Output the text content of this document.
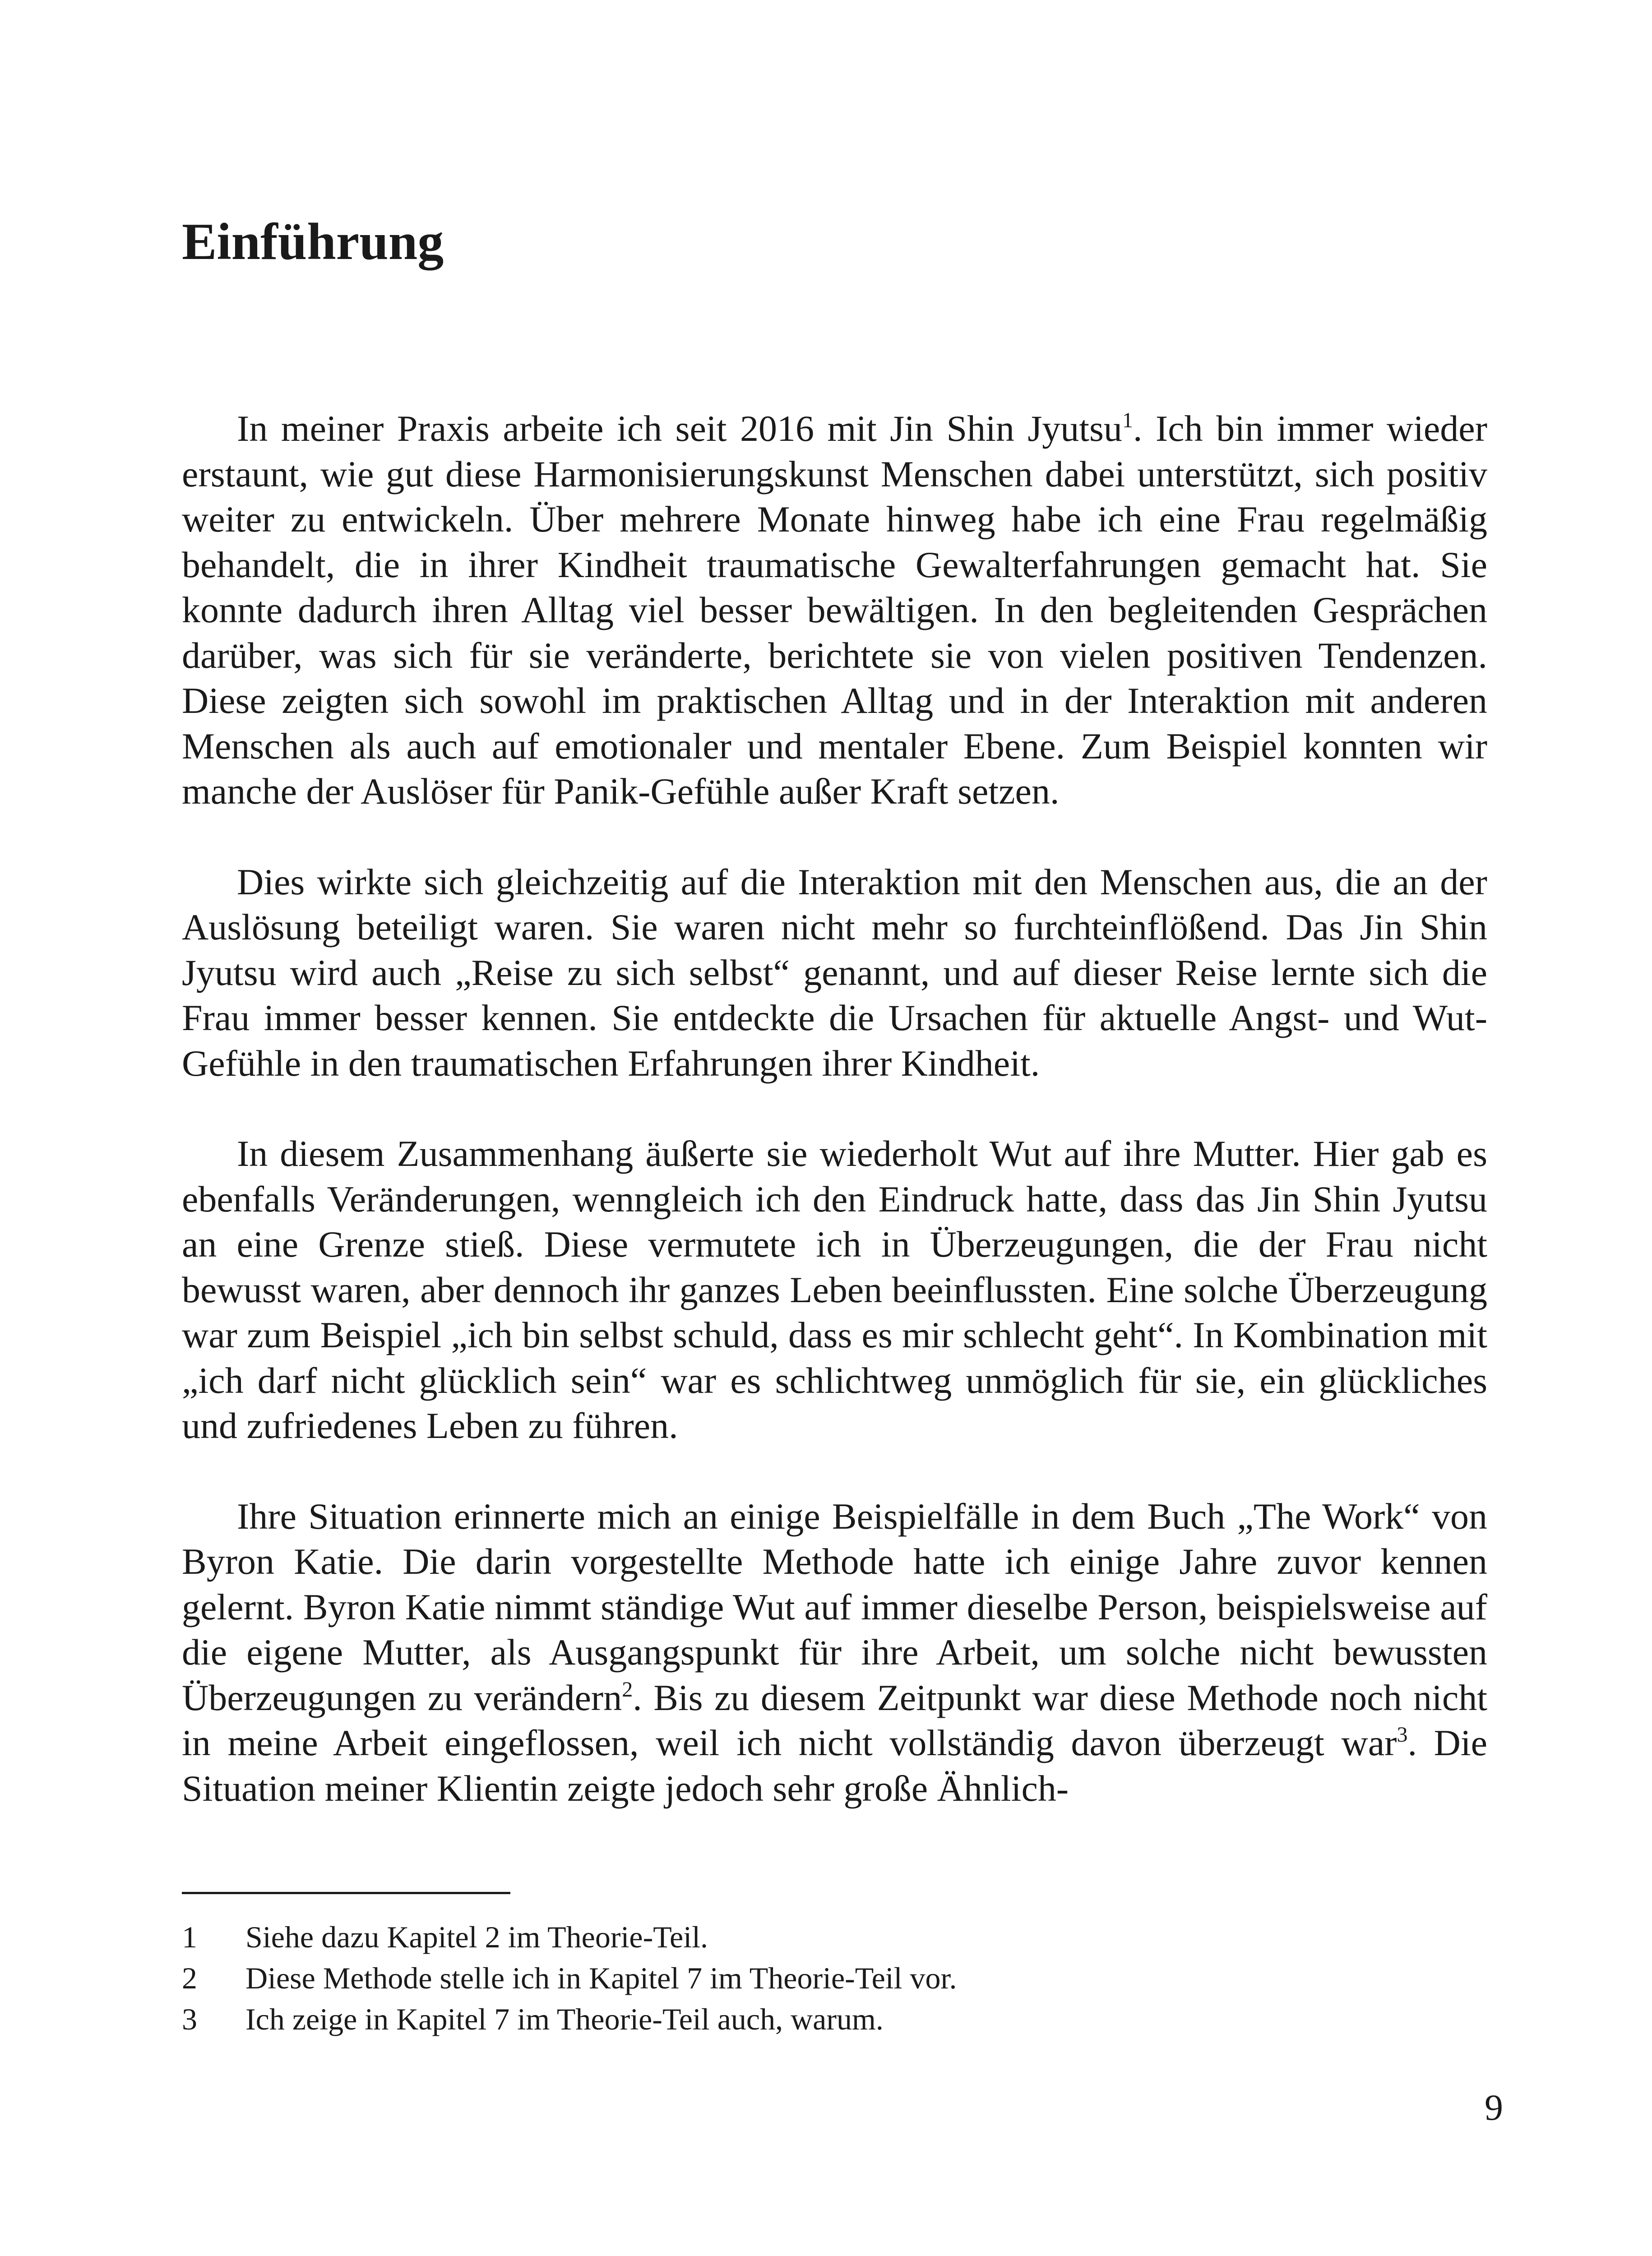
Einführung

In meiner Praxis arbeite ich seit 2016 mit Jin Shin Jyutsu$^1$. Ich bin immer wieder erstaunt, wie gut diese Harmonisierungskunst Menschen dabei unterstützt, sich positiv weiter zu entwickeln. Über mehrere Monate hinweg habe ich eine Frau regelmäßig behandelt, die in ihrer Kindheit traumatische Gewalterfahrungen gemacht hat. Sie konnte dadurch ihren Alltag viel besser bewältigen. In den begleitenden Gesprächen darüber, was sich für sie veränderte, berichtete sie von vielen positiven Tendenzen. Diese zeigten sich sowohl im praktischen Alltag und in der Interaktion mit anderen Menschen als auch auf emotionaler und mentaler Ebene. Zum Beispiel konnten wir manche der Auslöser für Panik-Gefühle außer Kraft setzen.

Dies wirkte sich gleichzeitig auf die Interaktion mit den Menschen aus, die an der Auslösung beteiligt waren. Sie waren nicht mehr so furchteinflößend. Das Jin Shin Jyutsu wird auch „Reise zu sich selbst“ genannt, und auf dieser Reise lernte sich die Frau immer besser kennen. Sie entdeckte die Ursachen für aktuelle Angst- und Wut-Gefühle in den traumatischen Erfahrungen ihrer Kindheit.

In diesem Zusammenhang äußerte sie wiederholt Wut auf ihre Mutter. Hier gab es ebenfalls Veränderungen, wenngleich ich den Eindruck hatte, dass das Jin Shin Jyutsu an eine Grenze stieß. Diese vermutete ich in Überzeugungen, die der Frau nicht bewusst waren, aber dennoch ihr ganzes Leben beeinflussten. Eine solche Überzeugung war zum Beispiel „ich bin selbst schuld, dass es mir schlecht geht“. In Kombination mit „ich darf nicht glücklich sein“ war es schlichtweg unmöglich für sie, ein glückliches und zufriedenes Leben zu führen.

Ihre Situation erinnerte mich an einige Beispielfälle in dem Buch „The Work“ von Byron Katie. Die darin vorgestellte Methode hatte ich einige Jahre zuvor kennen gelernt. Byron Katie nimmt ständige Wut auf immer dieselbe Person, beispielsweise auf die eigene Mutter, als Ausgangspunkt für ihre Arbeit, um solche nicht bewussten Überzeugungen zu verändern$^2$. Bis zu diesem Zeitpunkt war diese Methode noch nicht in meine Arbeit eingeflossen, weil ich nicht vollständig davon überzeugt war$^3$. Die Situation meiner Klientin zeigte jedoch sehr große Ähnlich-

1	Siehe dazu Kapitel 2 im Theorie-Teil.
2	Diese Methode stelle ich in Kapitel 7 im Theorie-Teil vor.
3	Ich zeige in Kapitel 7 im Theorie-Teil auch, warum.
9
